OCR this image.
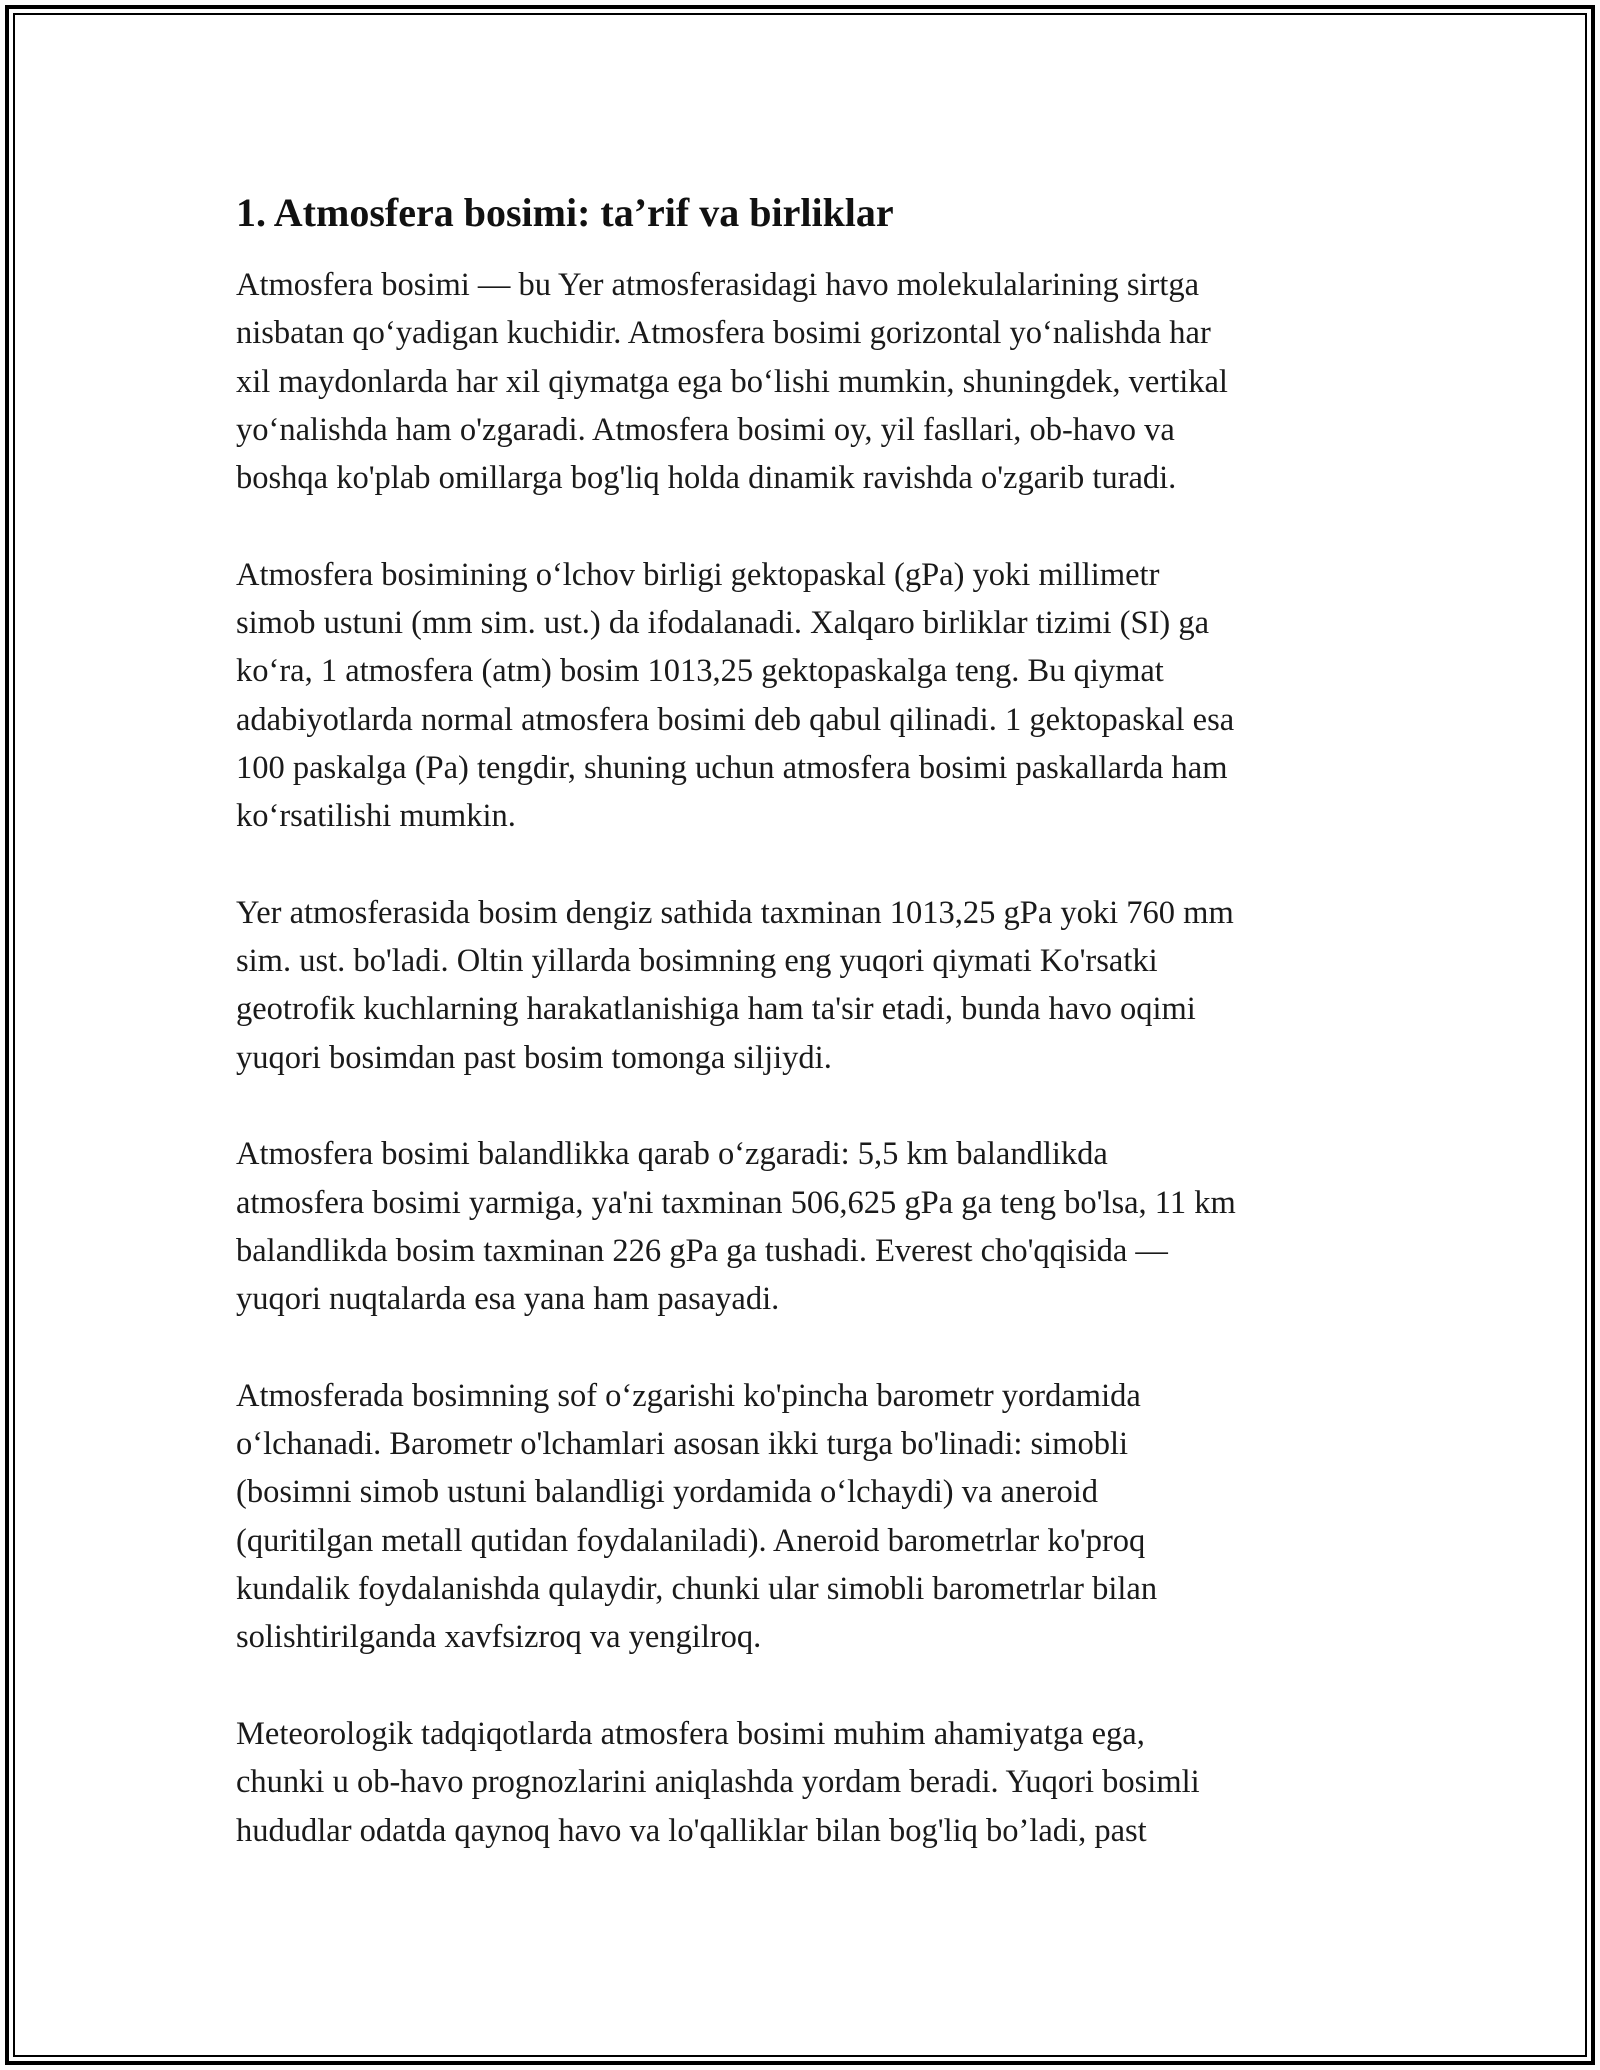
1. Atmosfera bosimi: ta’rif va birliklar

Atmosfera bosimi — bu Yer atmosferasidagi havo molekulalarining sirtga
nisbatan qo‘yadigan kuchidir. Atmosfera bosimi gorizontal yo‘nalishda har
xil maydonlarda har xil qiymatga ega bo‘lishi mumkin, shuningdek, vertikal
yo‘nalishda ham o'zgaradi. Atmosfera bosimi oy, yil fasllari, ob-havo va
boshqa ko'plab omillarga bog'liq holda dinamik ravishda o'zgarib turadi.

Atmosfera bosimining o‘lchov birligi gektopaskal (gPa) yoki millimetr
simob ustuni (mm sim. ust.) da ifodalanadi. Xalqaro birliklar tizimi (SI) ga
ko‘ra, 1 atmosfera (atm) bosim 1013,25 gektopaskalga teng. Bu qiymat
adabiyotlarda normal atmosfera bosimi deb qabul qilinadi. 1 gektopaskal esa
100 paskalga (Pa) tengdir, shuning uchun atmosfera bosimi paskallarda ham
ko‘rsatilishi mumkin.

Yer atmosferasida bosim dengiz sathida taxminan 1013,25 gPa yoki 760 mm
sim. ust. bo'ladi. Oltin yillarda bosimning eng yuqori qiymati Ko'rsatki
geotrofik kuchlarning harakatlanishiga ham ta'sir etadi, bunda havo oqimi
yuqori bosimdan past bosim tomonga siljiydi.

Atmosfera bosimi balandlikka qarab o‘zgaradi: 5,5 km balandlikda
atmosfera bosimi yarmiga, ya'ni taxminan 506,625 gPa ga teng bo'lsa, 11 km
balandlikda bosim taxminan 226 gPa ga tushadi. Everest cho'qqisida —
yuqori nuqtalarda esa yana ham pasayadi.

Atmosferada bosimning sof o‘zgarishi ko'pincha barometr yordamida
o‘lchanadi. Barometr o'lchamlari asosan ikki turga bo'linadi: simobli
(bosimni simob ustuni balandligi yordamida o‘lchaydi) va aneroid
(quritilgan metall qutidan foydalaniladi). Aneroid barometrlar ko'proq
kundalik foydalanishda qulaydir, chunki ular simobli barometrlar bilan
solishtirilganda xavfsizroq va yengilroq.

Meteorologik tadqiqotlarda atmosfera bosimi muhim ahamiyatga ega,
chunki u ob-havo prognozlarini aniqlashda yordam beradi. Yuqori bosimli
hududlar odatda qaynoq havo va lo'qalliklar bilan bog'liq bo’ladi, past
